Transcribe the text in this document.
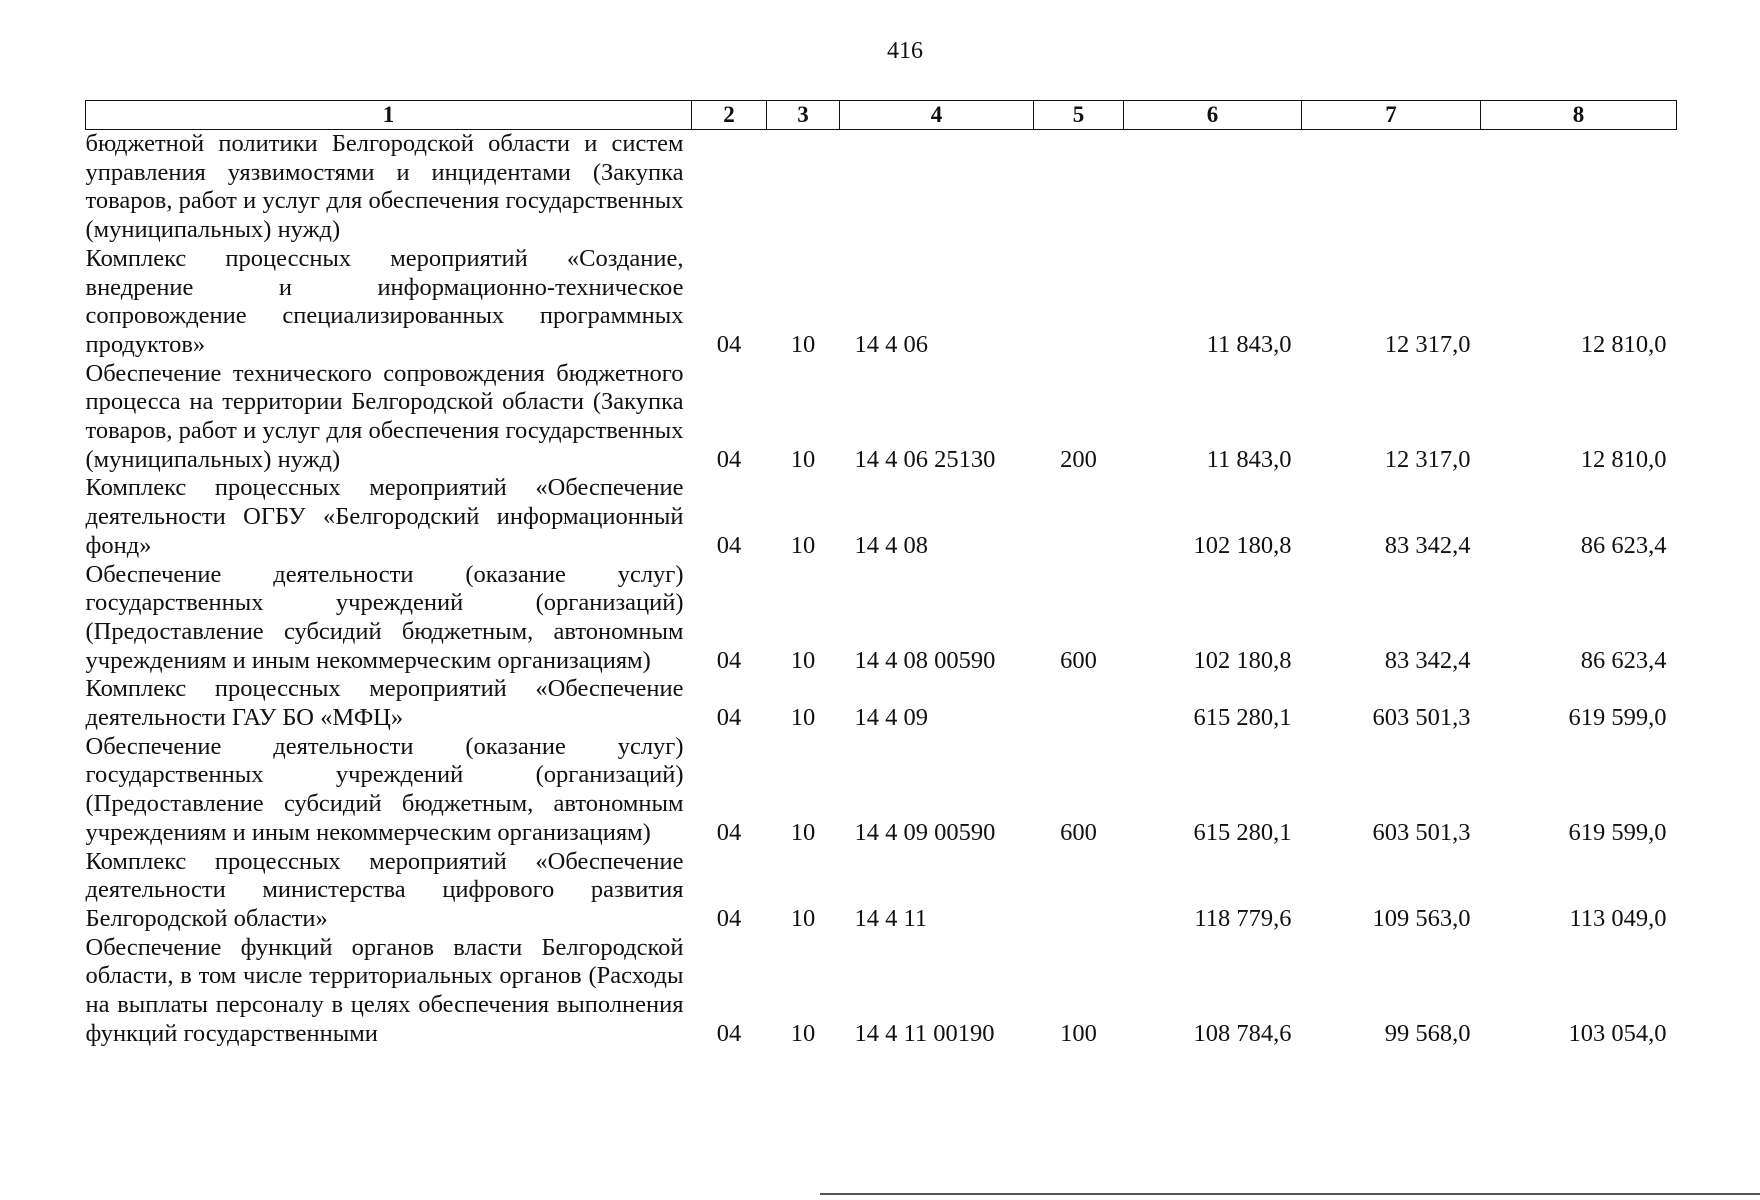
416
1	2	3	4	5	6	7	8
бюджетной политики Белгородской области и систем управления уязвимостями и инцидентами (Закупка товаров, работ и услуг для обеспечения государственных (муниципальных) нужд)							
Комплекс процессных мероприятий «Создание, внедрение и информационно-техническое сопровождение специализированных программных продуктов»	04	10	14 4 06		11 843,0	12 317,0	12 810,0
Обеспечение технического сопровождения бюджетного процесса на территории Белгородской области (Закупка товаров, работ и услуг для обеспечения государственных (муниципальных) нужд)	04	10	14 4 06 25130	200	11 843,0	12 317,0	12 810,0
Комплекс процессных мероприятий «Обеспечение деятельности ОГБУ «Белгородский информационный фонд»	04	10	14 4 08		102 180,8	83 342,4	86 623,4
Обеспечение деятельности (оказание услуг) государственных учреждений (организаций) (Предоставление субсидий бюджетным, автономным учреждениям и иным некоммерческим организациям)	04	10	14 4 08 00590	600	102 180,8	83 342,4	86 623,4
Комплекс процессных мероприятий «Обеспечение деятельности ГАУ БО «МФЦ»	04	10	14 4 09		615 280,1	603 501,3	619 599,0
Обеспечение деятельности (оказание услуг) государственных учреждений (организаций) (Предоставление субсидий бюджетным, автономным учреждениям и иным некоммерческим организациям)	04	10	14 4 09 00590	600	615 280,1	603 501,3	619 599,0
Комплекс процессных мероприятий «Обеспечение деятельности министерства цифрового развития Белгородской области»	04	10	14 4 11		118 779,6	109 563,0	113 049,0
Обеспечение функций органов власти Белгородской области, в том числе территориальных органов (Расходы на выплаты персоналу в целях обеспечения выполнения функций государственными	04	10	14 4 11 00190	100	108 784,6	99 568,0	103 054,0
